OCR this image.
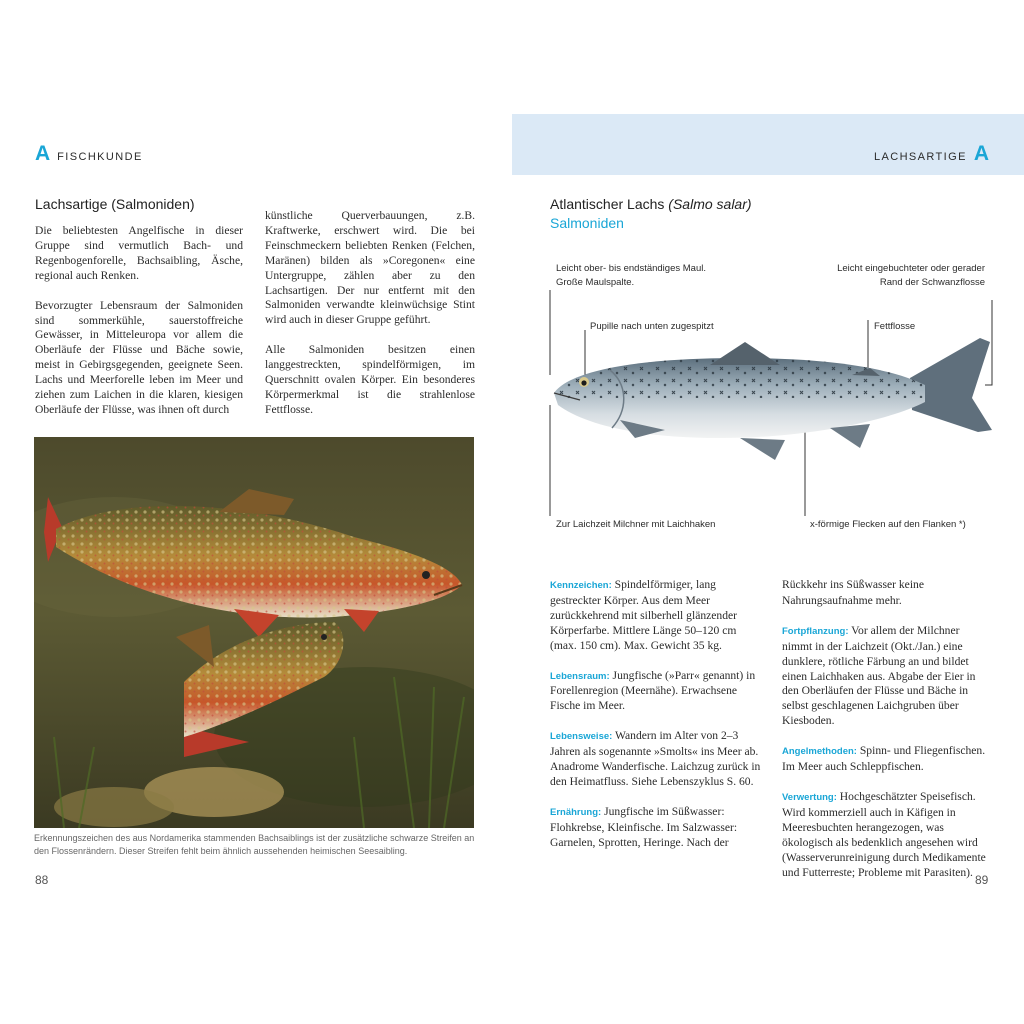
A FISCHKUNDE
Lachsartige (Salmoniden)

Die beliebtesten Angelfische in dieser Gruppe sind vermutlich Bach- und Regenbogenforelle, Bachsaibling, Äsche, regional auch Renken.

Bevorzugter Lebensraum der Salmoniden sind sommerkühle, sauerstoffreiche Gewässer, in Mitteleuropa vor allem die Oberläufe der Flüsse und Bäche sowie, meist in Gebirgsgegenden, geeignete Seen. Lachs und Meerforelle leben im Meer und ziehen zum Laichen in die klaren, kiesigen Oberläufe der Flüsse, was ihnen oft durch

künstliche Querverbauungen, z.B. Kraftwerke, erschwert wird. Die bei Feinschmeckern beliebten Renken (Felchen, Maränen) bilden als »Coregonen« eine Untergruppe, zählen aber zu den Lachsartigen. Der nur entfernt mit den Salmoniden verwandte kleinwüchsige Stint wird auch in dieser Gruppe geführt.

Alle Salmoniden besitzen einen langgestreckten, spindelförmigen, im Querschnitt ovalen Körper. Ein besonderes Körpermerkmal ist die strahlenlose Fettflosse.

Erkennungszeichen des aus Nordamerika stammenden Bachsaiblings ist der zusätzliche schwarze Streifen an den Flossenrändern. Dieser Streifen fehlt beim ähnlich aussehenden heimischen Seesaibling.
88
LACHSARTIGE A
Atlantischer Lachs (Salmo salar)
Salmoniden
Leicht ober- bis endständiges Maul. Große Maulspalte.
Leicht eingebuchteter oder gerader Rand der Schwanzflosse
Pupille nach unten zugespitzt	Fettflosse
Zur Laichzeit Milchner mit Laichhaken	x-förmige Flecken auf den Flanken *)

Kennzeichen: Spindelförmiger, lang gestreckter Körper. Aus dem Meer zurückkehrend mit silberhell glänzender Körperfarbe. Mittlere Länge 50–120 cm (max. 150 cm). Max. Gewicht 35 kg.

Lebensraum: Jungfische (»Parr« genannt) in Forellenregion (Meernähe). Erwachsene Fische im Meer.

Lebensweise: Wandern im Alter von 2–3 Jahren als sogenannte »Smolts« ins Meer ab. Anadrome Wanderfische. Laichzug zurück in den Heimatfluss. Siehe Lebenszyklus S. 60.

Ernährung: Jungfische im Süßwasser: Flohkrebse, Kleinfische. Im Salzwasser: Garnelen, Sprotten, Heringe. Nach der

Rückkehr ins Süßwasser keine Nahrungsaufnahme mehr.

Fortpflanzung: Vor allem der Milchner nimmt in der Laichzeit (Okt./Jan.) eine dunklere, rötliche Färbung an und bildet einen Laichhaken aus. Abgabe der Eier in den Oberläufen der Flüsse und Bäche in selbst geschlagenen Laichgruben über Kiesboden.

Angelmethoden: Spinn- und Fliegenfischen. Im Meer auch Schleppfischen.

Verwertung: Hochgeschätzter Speisefisch. Wird kommerziell auch in Käfigen in Meeresbuchten herangezogen, was ökologisch als bedenklich angesehen wird (Wasserverunreinigung durch Medikamente und Futterreste; Probleme mit Parasiten).

89
